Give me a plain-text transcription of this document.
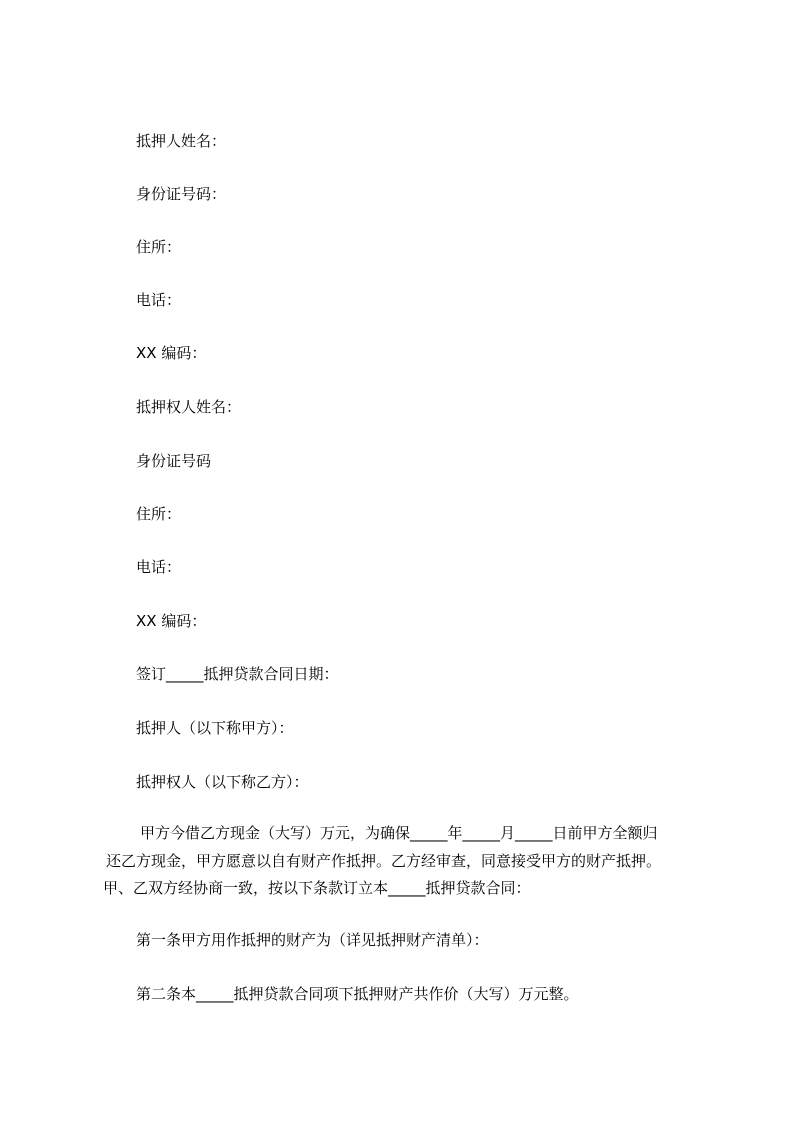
抵押人姓名：
身份证号码：
住所：
电话：
XX 编码：
抵押权人姓名：
身份证号码
住所：
电话：
XX 编码：
签订_____抵押贷款合同日期：
抵押人（以下称甲方）：
抵押权人（以下称乙方）：
甲方今借乙方现金（大写）万元，为确保_____年_____月_____日前甲方全额归
还乙方现金，甲方愿意以自有财产作抵押。乙方经审查，同意接受甲方的财产抵押。
甲、乙双方经协商一致，按以下条款订立本_____抵押贷款合同：
第一条甲方用作抵押的财产为（详见抵押财产清单）：
第二条本_____抵押贷款合同项下抵押财产共作价（大写）万元整。
